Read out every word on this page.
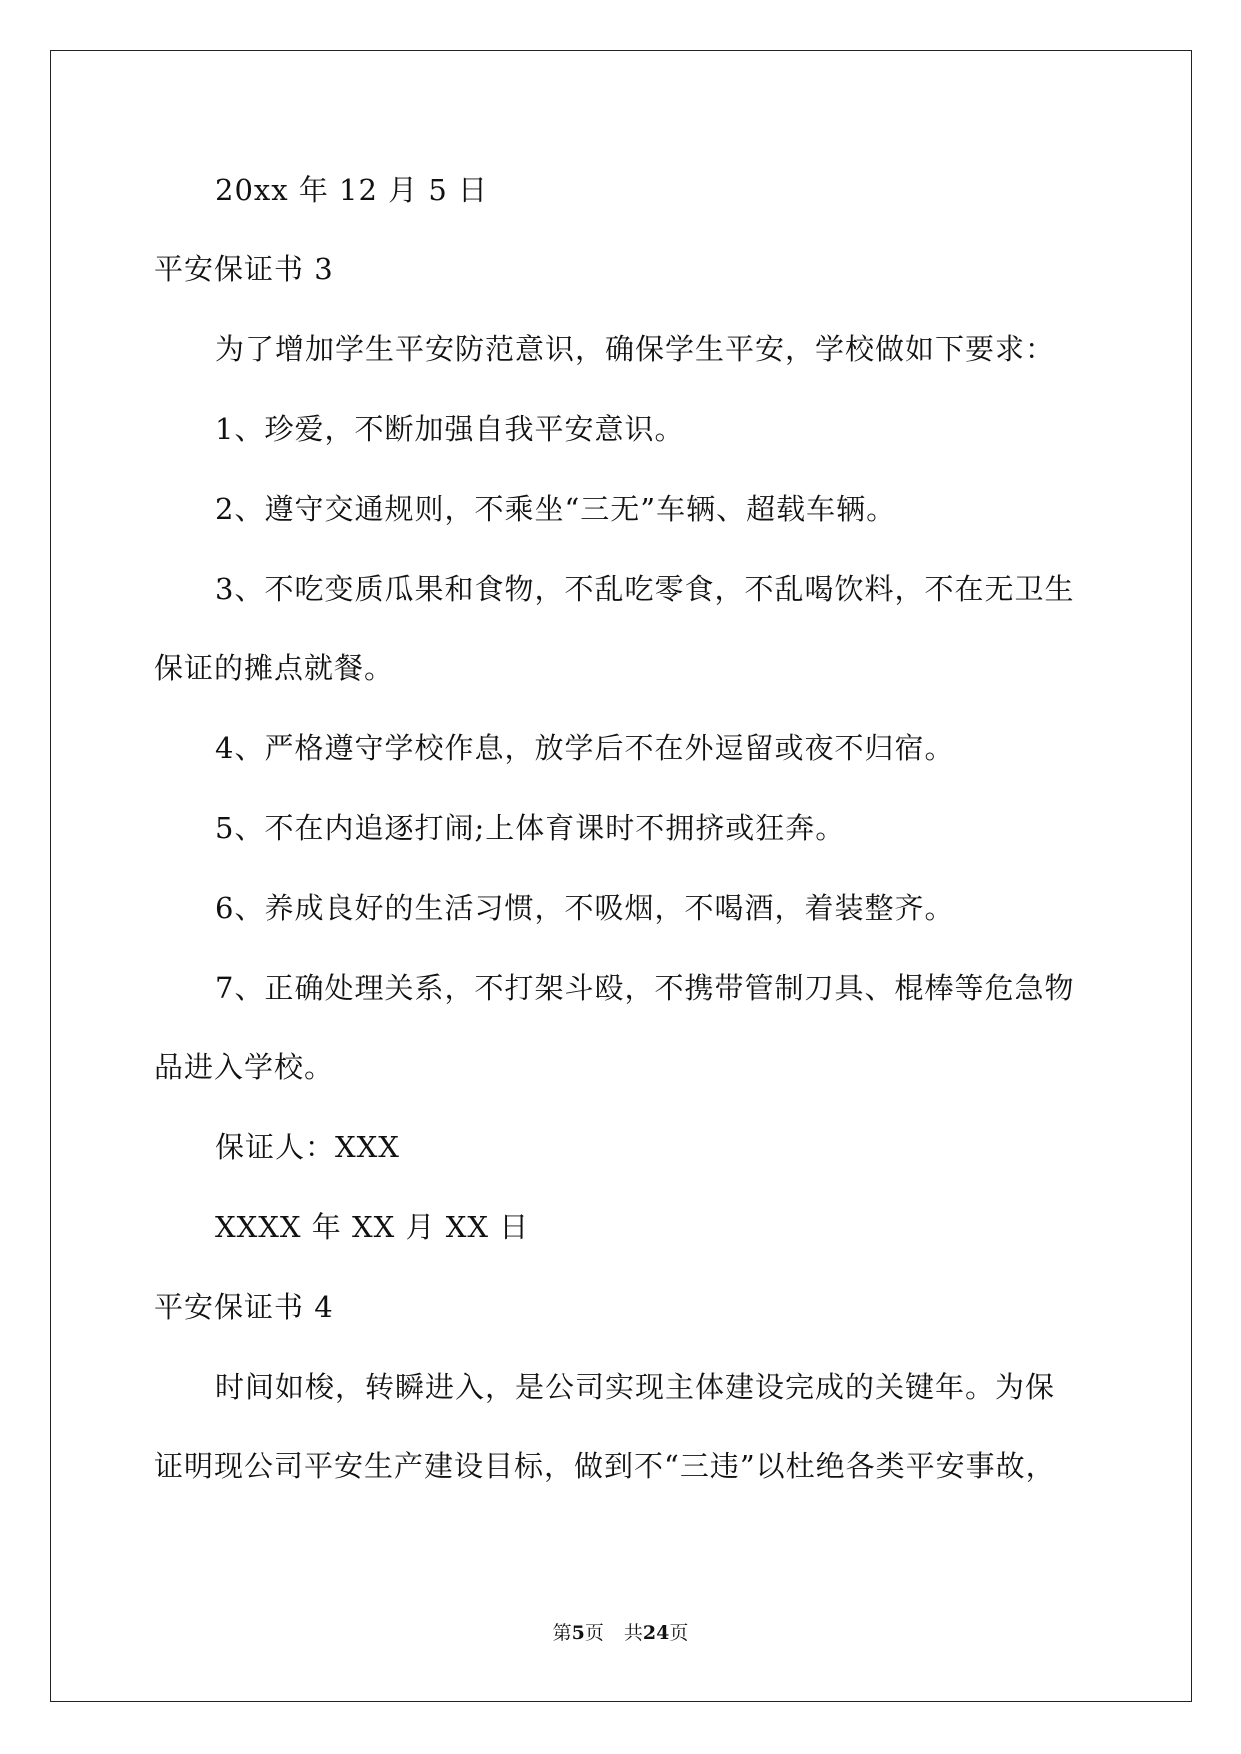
20xx 年 12 月 5 日
平安保证书 3
为了增加学生平安防范意识，确保学生平安，学校做如下要求：
1、珍爱，不断加强自我平安意识。
2、遵守交通规则，不乘坐“三无”车辆、超载车辆。
3、不吃变质瓜果和食物，不乱吃零食，不乱喝饮料，不在无卫生
保证的摊点就餐。
4、严格遵守学校作息，放学后不在外逗留或夜不归宿。
5、不在内追逐打闹;上体育课时不拥挤或狂奔。
6、养成良好的生活习惯，不吸烟，不喝酒，着装整齐。
7、正确处理关系，不打架斗殴，不携带管制刀具、棍棒等危急物
品进入学校。
保证人：XXX
XXXX 年 XX 月 XX 日
平安保证书 4
时间如梭，转瞬进入，是公司实现主体建设完成的关键年。为保
证明现公司平安生产建设目标，做到不“三违”以杜绝各类平安事故，
第5页 共24页
